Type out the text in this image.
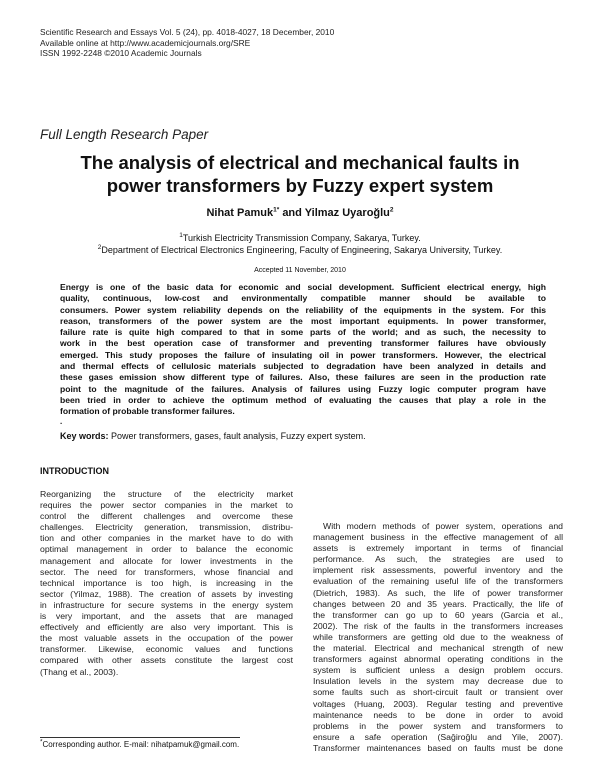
Scientific Research and Essays Vol. 5 (24), pp. 4018-4027, 18 December, 2010
Available online at http://www.academicjournals.org/SRE
ISSN 1992-2248 ©2010 Academic Journals
Full Length Research Paper
The analysis of electrical and mechanical faults in
power transformers by Fuzzy expert system
Nihat Pamuk$^{1*}$ and Yilmaz Uyaroğlu$^2$
$^1$Turkish Electricity Transmission Company, Sakarya, Turkey.
$^2$Department of Electrical Electronics Engineering, Faculty of Engineering, Sakarya University, Turkey.
Accepted 11 November, 2010
Energy is one of the basic data for economic and social development. Sufficient electrical energy, high
quality, continuous, low-cost and environmentally compatible manner should be available to
consumers. Power system reliability depends on the reliability of the equipments in the system. For this
reason, transformers of the power system are the most important equipments. In power transformer,
failure rate is quite high compared to that in some parts of the world; and as such, the necessity to
work in the best operation case of transformer and preventing transformer failures have obviously
emerged. This study proposes the failure of insulating oil in power transformers. However, the electrical
and thermal effects of cellulosic materials subjected to degradation have been analyzed in details and
these gases emission show different type of failures. Also, these failures are seen in the production rate
point to the magnitude of the failures. Analysis of failures using Fuzzy logic computer program have
been tried in order to achieve the optimum method of evaluating the causes that play a role in the
formation of probable transformer failures.
.
Key words: Power transformers, gases, fault analysis, Fuzzy expert system.
INTRODUCTION
Reorganizing the structure of the electricity market
requires the power sector companies in the market to
control the different challenges and overcome these
challenges. Electricity generation, transmission, distribu-
tion and other companies in the market have to do with
optimal management in order to balance the economic
management and allocate for lower investments in the
sector. The need for transformers, whose financial and
technical importance is too high, is increasing in the
sector (Yilmaz, 1988). The creation of assets by investing
in infrastructure for secure systems in the energy system
is very important, and the assets that are managed
effectively and efficiently are also very important. This is
the most valuable assets in the occupation of the power
transformer. Likewise, economic values and functions
compared with other assets constitute the largest cost
(Thang et al., 2003).
With modern methods of power system, operations and
management business in the effective management of all
assets is extremely important in terms of financial
performance. As such, the strategies are used to
implement risk assessments, powerful inventory and the
evaluation of the remaining useful life of the transformers
(Dietrich, 1983). As such, the life of power transformer
changes between 20 and 35 years. Practically, the life of
the transformer can go up to 60 years (Garcia et al.,
2002). The risk of the faults in the transformers increases
while transformers are getting old due to the weakness of
the material. Electrical and mechanical strength of new
transformers against abnormal operating conditions in the
system is sufficient unless a design problem occurs.
Insulation levels in the system may decrease due to
some faults such as short-circuit fault or transient over
voltages (Huang, 2003). Regular testing and preventive
maintenance needs to be done in order to avoid
problems in the power system and transformers to
ensure a safe operation (Sağiroğlu and Yile, 2007).
Transformer maintenances based on faults must be done
*Corresponding author. E-mail: nihatpamuk@gmail.com.
